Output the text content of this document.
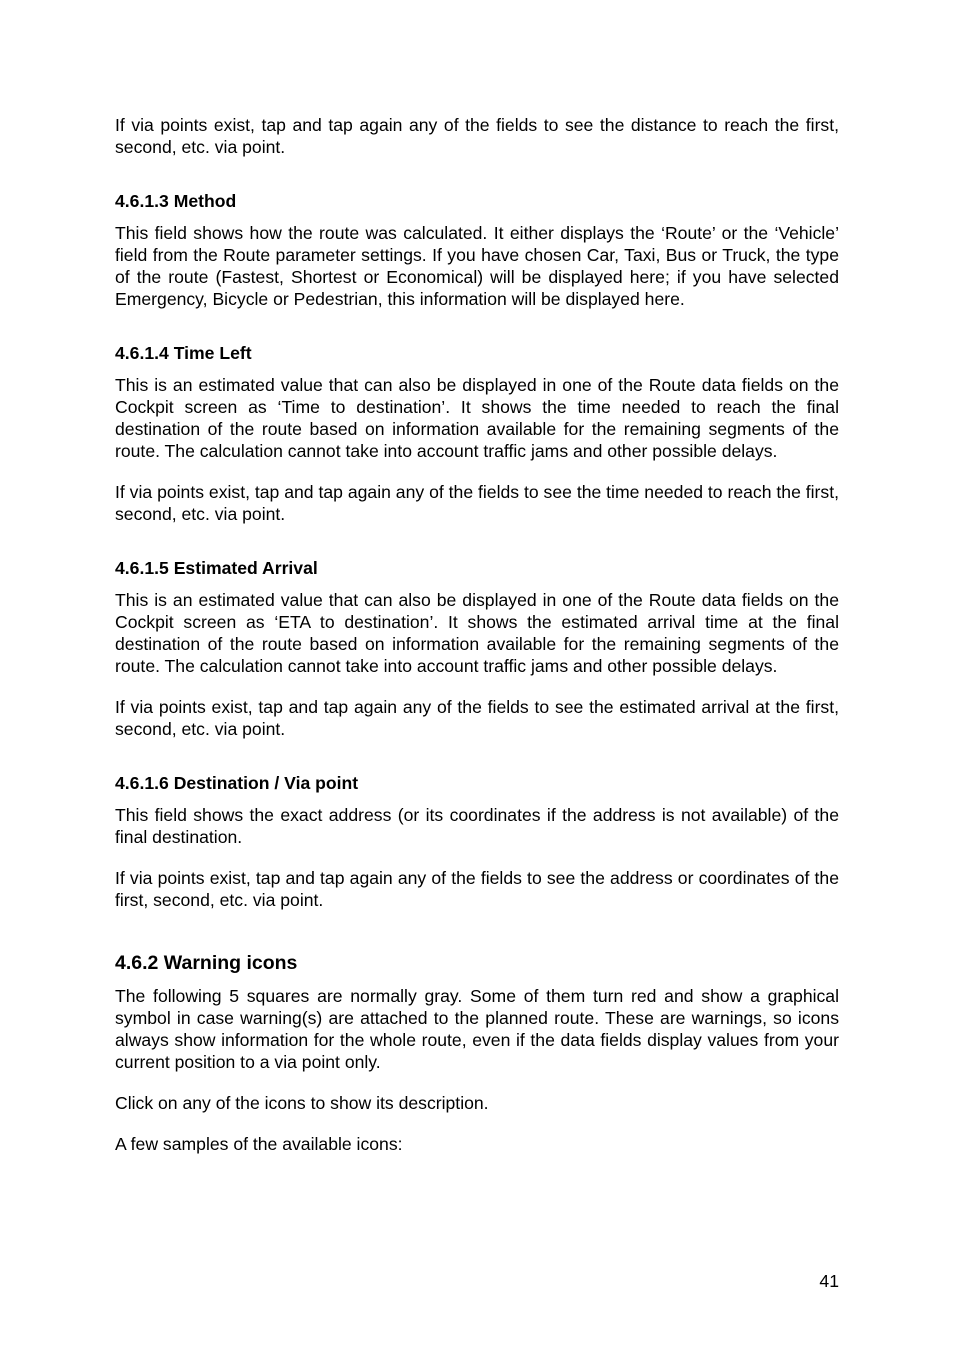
If via points exist, tap and tap again any of the fields to see the distance to reach the first, second, etc. via point.

4.6.1.3 Method

This field shows how the route was calculated. It either displays the ‘Route’ or the ‘Vehicle’ field from the Route parameter settings. If you have chosen Car, Taxi, Bus or Truck, the type of the route (Fastest, Shortest or Economical) will be displayed here; if you have selected Emergency, Bicycle or Pedestrian, this information will be displayed here.

4.6.1.4 Time Left

This is an estimated value that can also be displayed in one of the Route data fields on the Cockpit screen as ‘Time to destination’. It shows the time needed to reach the final destination of the route based on information available for the remaining segments of the route. The calculation cannot take into account traffic jams and other possible delays.

If via points exist, tap and tap again any of the fields to see the time needed to reach the first, second, etc. via point.

4.6.1.5 Estimated Arrival

This is an estimated value that can also be displayed in one of the Route data fields on the Cockpit screen as ‘ETA to destination’. It shows the estimated arrival time at the final destination of the route based on information available for the remaining segments of the route. The calculation cannot take into account traffic jams and other possible delays.

If via points exist, tap and tap again any of the fields to see the estimated arrival at the first, second, etc. via point.

4.6.1.6 Destination / Via point

This field shows the exact address (or its coordinates if the address is not available) of the final destination.

If via points exist, tap and tap again any of the fields to see the address or coordinates of the first, second, etc. via point.

4.6.2 Warning icons

The following 5 squares are normally gray. Some of them turn red and show a graphical symbol in case warning(s) are attached to the planned route. These are warnings, so icons always show information for the whole route, even if the data fields display values from your current position to a via point only.

Click on any of the icons to show its description.

A few samples of the available icons:

41
